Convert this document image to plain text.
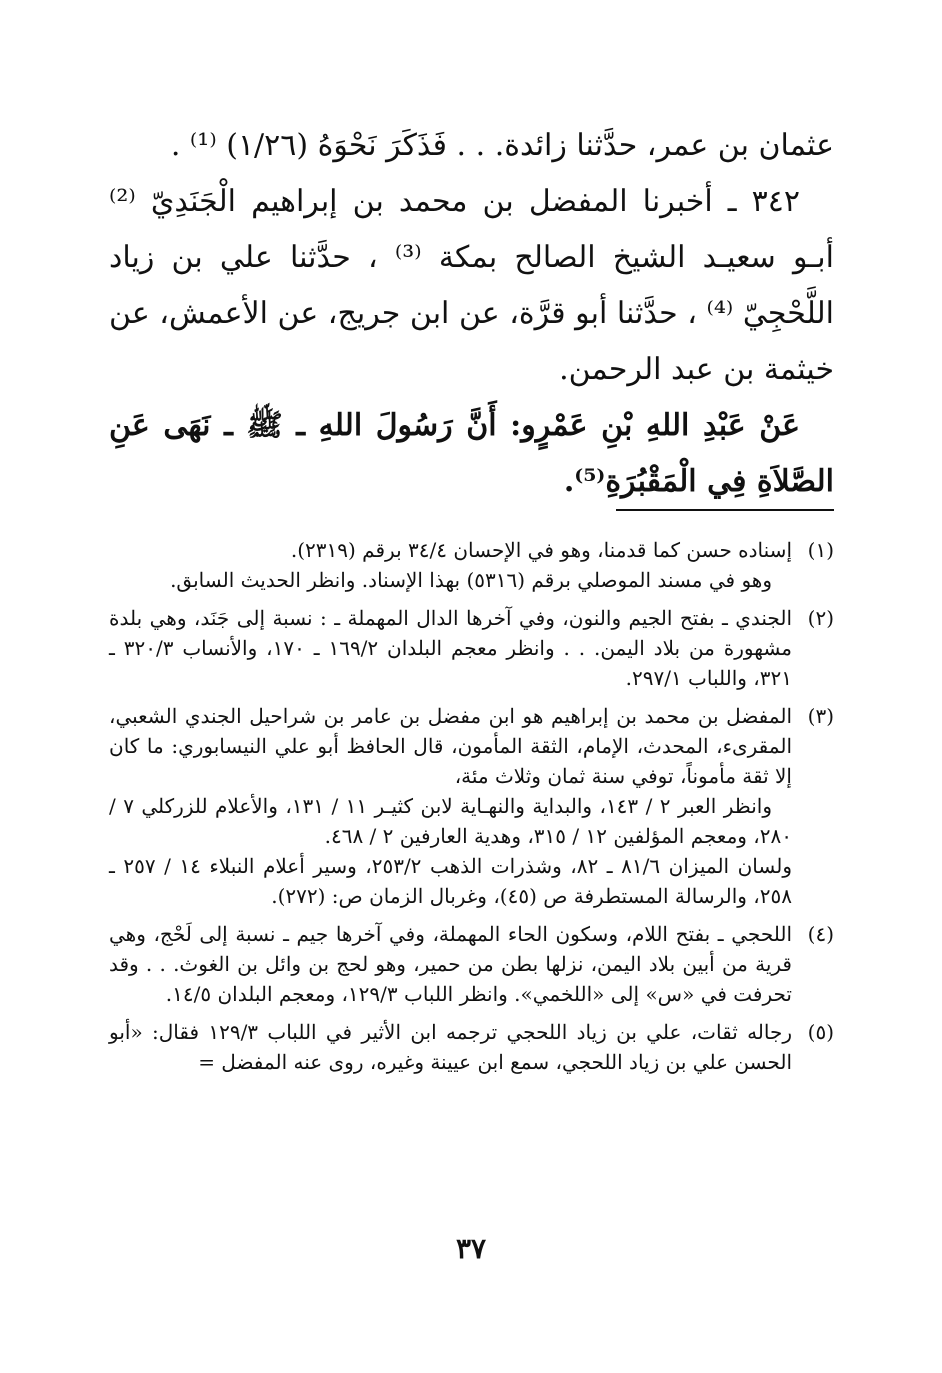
عثمان بن عمر، حدَّثنا زائدة. . . فَذَكَرَ نَحْوَهُ (١/٢٦) ⁽¹⁾ .

٣٤٢ ـ أخبرنا المفضل بن محمد بن إبراهيم الْجَنَدِيّ ⁽²⁾ أبـو سعيـد الشيخ الصالح بمكة ⁽³⁾ ، حدَّثنا علي بن زياد اللَّحْجِيّ ⁽⁴⁾ ، حدَّثنا أبو قرَّة، عن ابن جريج، عن الأعمش، عن خيثمة بن عبد الرحمن.

عَنْ عَبْدِ اللهِ بْنِ عَمْرٍو: أَنَّ رَسُولَ اللهِ ـ ﷺ ـ نَهَى عَنِ الصَّلاَةِ فِي الْمَقْبُرَةِ⁽⁵⁾.

(١)

إسناده حسن كما قدمنا، وهو في الإحسان ٣٤/٤ برقم (٢٣١٩).

وهو في مسند الموصلي برقم (٥٣١٦) بهذا الإسناد. وانظر الحديث السابق.

(٢)

الجندي ـ بفتح الجيم والنون، وفي آخرها الدال المهملة ـ : نسبة إلى جَنَد، وهي بلدة مشهورة من بلاد اليمن. . . وانظر معجم البلدان ١٦٩/٢ ـ ١٧٠، والأنساب ٣٢٠/٣ ـ ٣٢١، واللباب ٢٩٧/١.

(٣)

المفضل بن محمد بن إبراهيم هو ابن مفضل بن عامر بن شراحيل الجندي الشعبي، المقرىء، المحدث، الإمام، الثقة المأمون، قال الحافظ أبو علي النيسابوري: ما كان إلا ثقة مأموناً، توفي سنة ثمان وثلاث مئة،

وانظر العبر ٢ / ١٤٣، والبداية والنهـاية لابن كثيـر ١١ / ١٣١، والأعلام للزركلي ٧ / ٢٨٠، ومعجم المؤلفين ١٢ / ٣١٥، وهدية العارفين ٢ / ٤٦٨.

ولسان الميزان ٨١/٦ ـ ٨٢، وشذرات الذهب ٢٥٣/٢، وسير أعلام النبلاء ١٤ / ٢٥٧ ـ ٢٥٨، والرسالة المستطرفة ص (٤٥)، وغربال الزمان ص: (٢٧٢).

(٤)

اللحجي ـ بفتح اللام، وسكون الحاء المهملة، وفي آخرها جيم ـ نسبة إلى لَحْج، وهي قرية من أبين بلاد اليمن، نزلها بطن من حمير، وهو لحج بن وائل بن الغوث. . . وقد تحرفت في «س» إلى «اللخمي». وانظر اللباب ١٢٩/٣، ومعجم البلدان ١٤/٥.

(٥)

رجاله ثقات، علي بن زياد اللحجي ترجمه ابن الأثير في اللباب ١٢٩/٣ فقال: «أبو الحسن علي بن زياد اللحجي، سمع ابن عيينة وغيره، روى عنه المفضل =

٣٧
